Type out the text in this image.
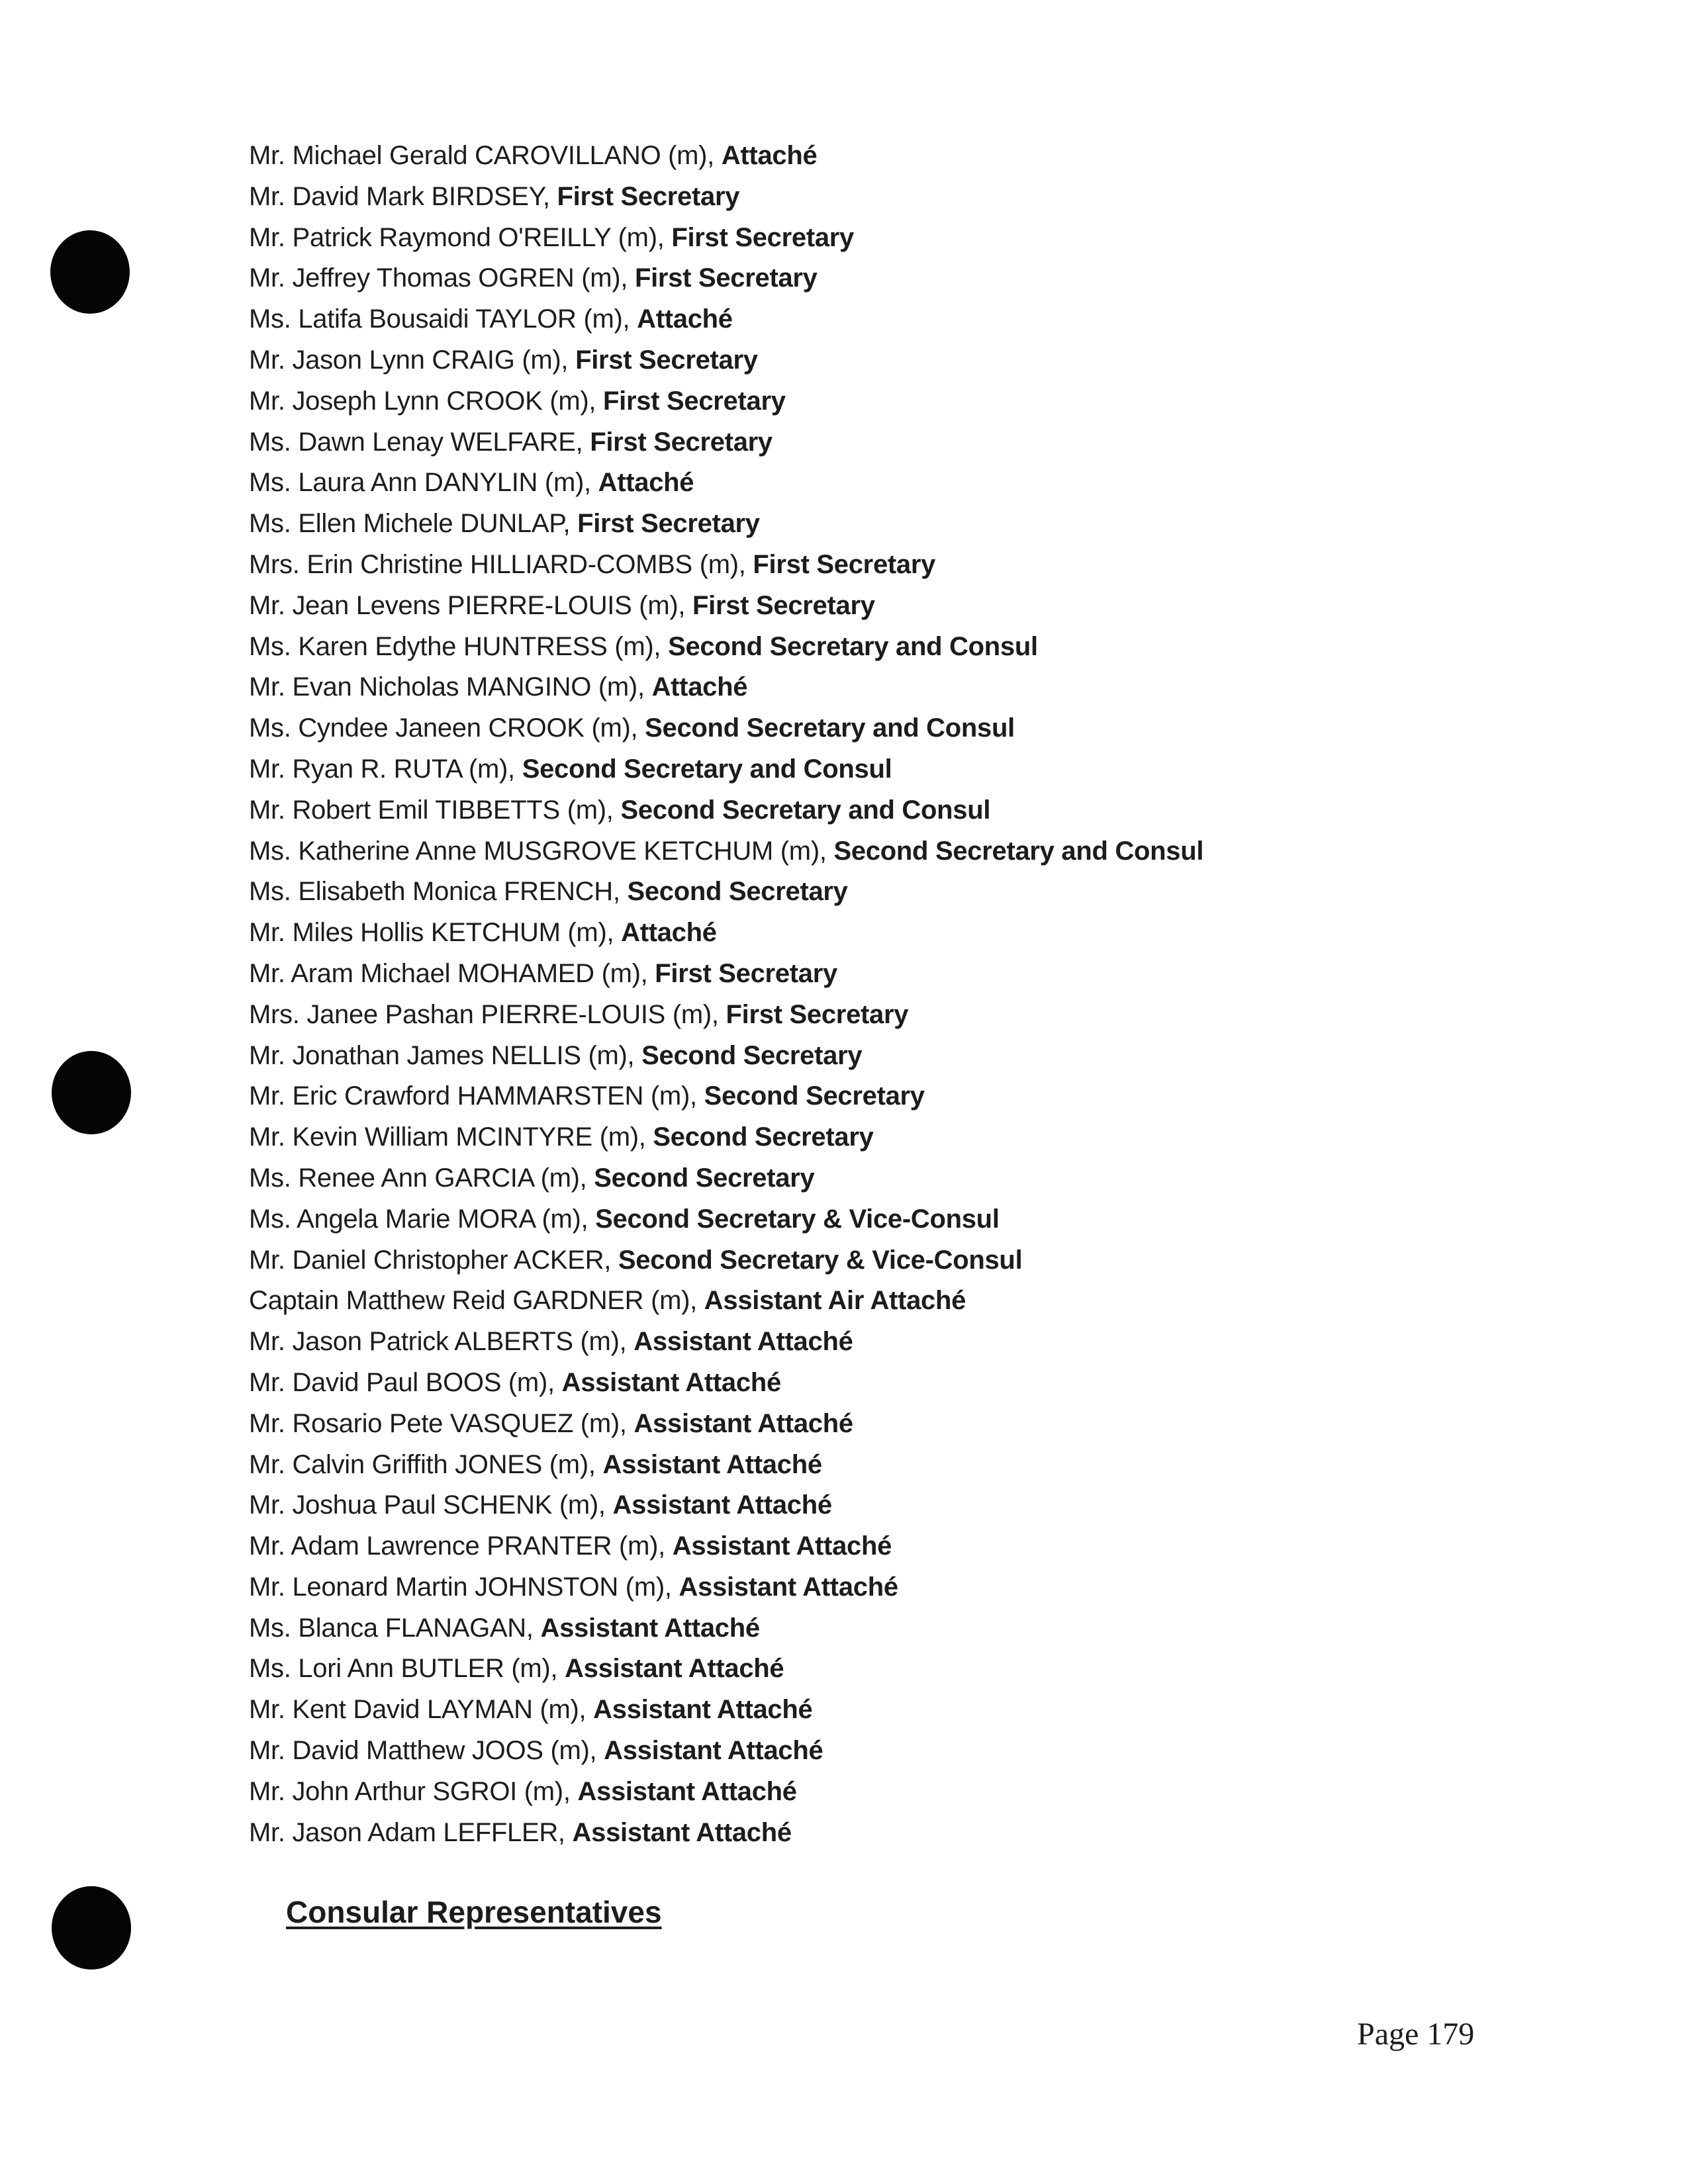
Mr. Michael Gerald CAROVILLANO (m), Attaché
Mr. David Mark BIRDSEY, First Secretary
Mr. Patrick Raymond O'REILLY (m), First Secretary
Mr. Jeffrey Thomas OGREN (m), First Secretary
Ms. Latifa Bousaidi TAYLOR (m), Attaché
Mr. Jason Lynn CRAIG (m), First Secretary
Mr. Joseph Lynn CROOK (m), First Secretary
Ms. Dawn Lenay WELFARE, First Secretary
Ms. Laura Ann DANYLIN (m), Attaché
Ms. Ellen Michele DUNLAP, First Secretary
Mrs. Erin Christine HILLIARD-COMBS (m), First Secretary
Mr. Jean Levens PIERRE-LOUIS (m), First Secretary
Ms. Karen Edythe HUNTRESS (m), Second Secretary and Consul
Mr. Evan Nicholas MANGINO (m), Attaché
Ms. Cyndee Janeen CROOK (m), Second Secretary and Consul
Mr. Ryan R. RUTA (m), Second Secretary and Consul
Mr. Robert Emil TIBBETTS (m), Second Secretary and Consul
Ms. Katherine Anne MUSGROVE KETCHUM (m), Second Secretary and Consul
Ms. Elisabeth Monica FRENCH, Second Secretary
Mr. Miles Hollis KETCHUM (m), Attaché
Mr. Aram Michael MOHAMED (m), First Secretary
Mrs. Janee Pashan PIERRE-LOUIS (m), First Secretary
Mr. Jonathan James NELLIS (m), Second Secretary
Mr. Eric Crawford HAMMARSTEN (m), Second Secretary
Mr. Kevin William MCINTYRE (m), Second Secretary
Ms. Renee Ann GARCIA (m), Second Secretary
Ms. Angela Marie MORA (m), Second Secretary & Vice-Consul
Mr. Daniel Christopher ACKER, Second Secretary & Vice-Consul
Captain Matthew Reid GARDNER (m), Assistant Air Attaché
Mr. Jason Patrick ALBERTS (m), Assistant Attaché
Mr. David Paul BOOS (m), Assistant Attaché
Mr. Rosario Pete VASQUEZ (m), Assistant Attaché
Mr. Calvin Griffith JONES (m), Assistant Attaché
Mr. Joshua Paul SCHENK (m), Assistant Attaché
Mr. Adam Lawrence PRANTER (m), Assistant Attaché
Mr. Leonard Martin JOHNSTON (m), Assistant Attaché
Ms. Blanca FLANAGAN, Assistant Attaché
Ms. Lori Ann BUTLER (m), Assistant Attaché
Mr. Kent David LAYMAN (m), Assistant Attaché
Mr. David Matthew JOOS (m), Assistant Attaché
Mr. John Arthur SGROI (m), Assistant Attaché
Mr. Jason Adam LEFFLER, Assistant Attaché
Consular Representatives
Page 179
